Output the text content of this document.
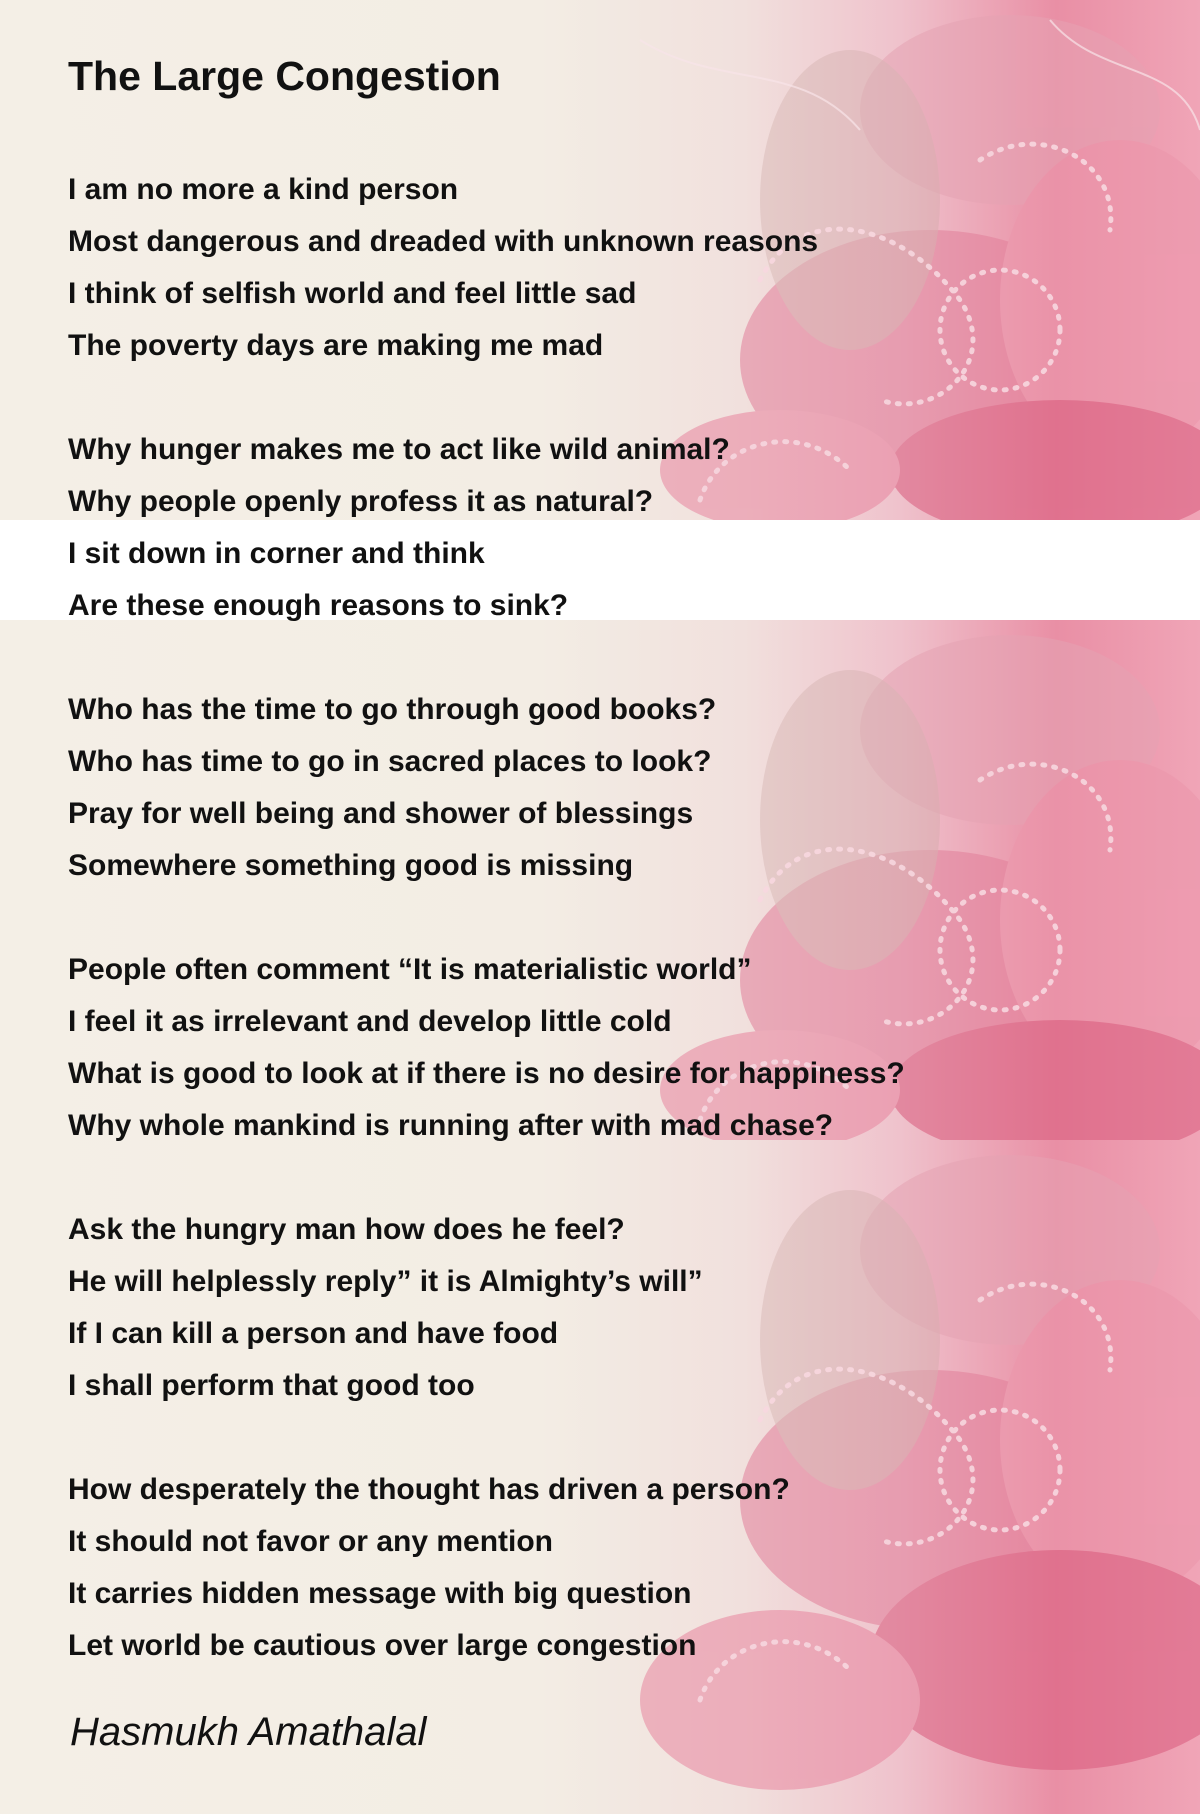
The Large Congestion
I am no more a kind person
Most dangerous and dreaded with unknown reasons
I think of selfish world and feel little sad
The poverty days are making me mad
Why hunger makes me to act like wild animal?
Why people openly profess it as natural?
I sit down in corner and think
Are these enough reasons to sink?
Who has the time to go through good books?
Who has time to go in sacred places to look?
Pray for well being and shower of blessings
Somewhere something good is missing
People often comment “It is materialistic world”
I feel it as irrelevant and develop little cold
What is good to look at if there is no desire for happiness?
Why whole mankind is running after with mad chase?
Ask the hungry man how does he feel?
He will helplessly reply” it is Almighty’s will”
If I can kill a person and have food
I shall perform that good too
How desperately the thought has driven a person?
It should not favor or any mention
It carries hidden message with big question
Let world be cautious over large congestion
Hasmukh Amathalal
